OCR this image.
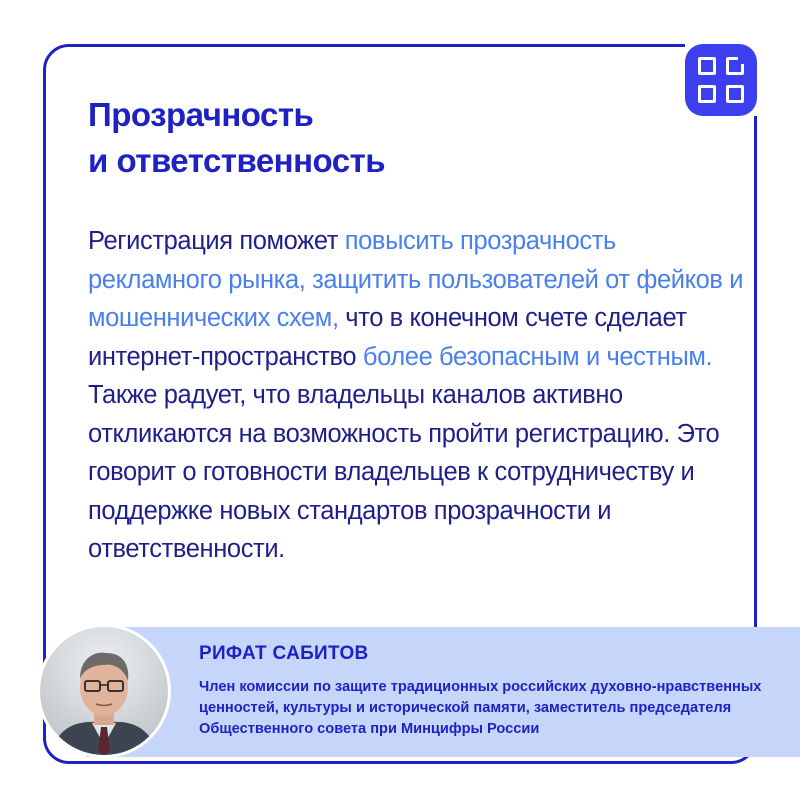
Прозрачность
и ответственность

Регистрация поможет повысить прозрачность рекламного рынка, защитить пользователей от фейков и мошеннических схем, что в конечном счете сделает интернет-пространство более безопасным и честным. Также радует, что владельцы каналов активно откликаются на возможность пройти регистрацию. Это говорит о готовности владельцев к сотрудничеству и поддержке новых стандартов прозрачности и ответственности.

РИФАТ САБИТОВ
Член комиссии по защите традиционных российских духовно-нравственных ценностей, культуры и исторической памяти, заместитель председателя Общественного совета при Минцифры России
